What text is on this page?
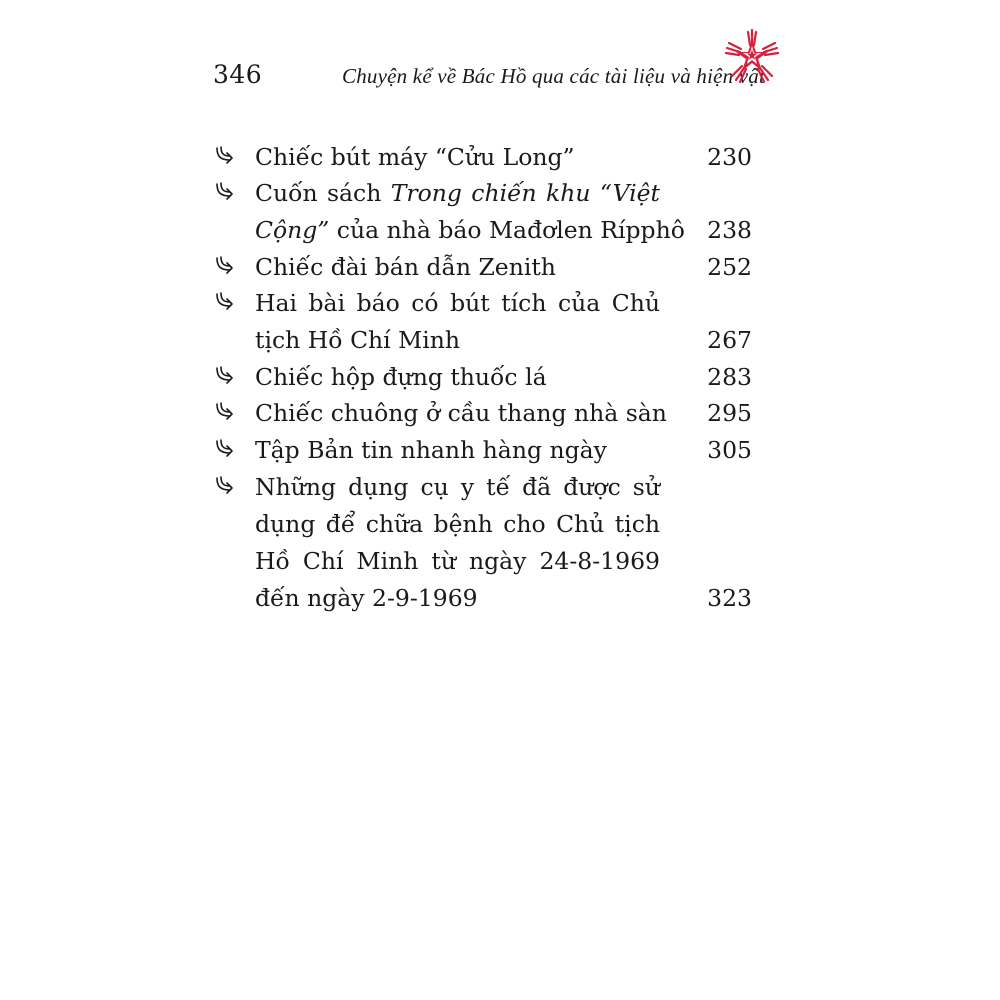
346	Chuyện kể về Bác Hồ qua các tài liệu và hiện vật
Chiếc bút máy “Cửu Long”	230
Cuốn sách Trong chiến khu “Việt
Cộng” của nhà báo Mađơlen Rípphô 238
Chiếc đài bán dẫn Zenith	252
Hai bài báo có bút tích của Chủ
tịch Hồ Chí Minh	267
Chiếc hộp đựng thuốc lá	283
Chiếc chuông ở cầu thang nhà sàn	295
Tập Bản tin nhanh hàng ngày	305
Những dụng cụ y tế đã được sử
dụng để chữa bệnh cho Chủ tịch
Hồ Chí Minh từ ngày 24-8-1969
đến ngày 2-9-1969	323
